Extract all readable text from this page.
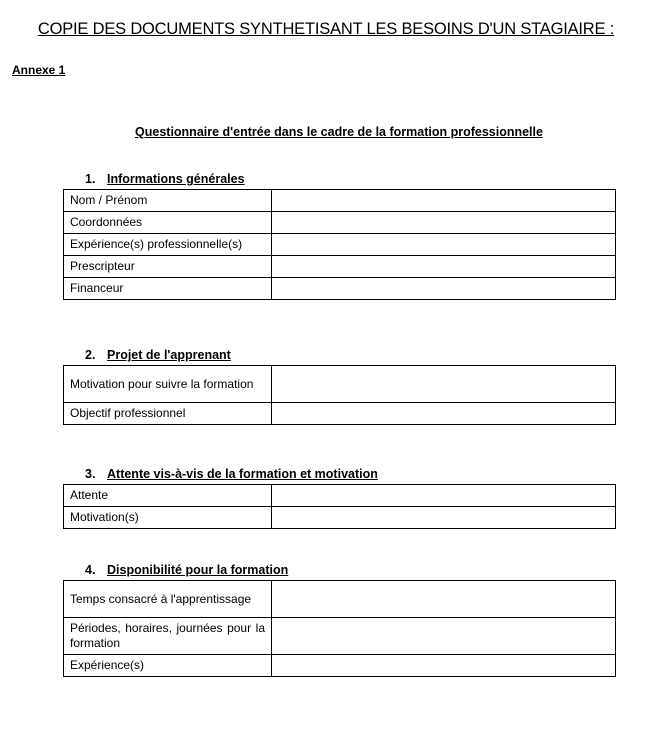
COPIE DES DOCUMENTS SYNTHETISANT LES BESOINS D'UN STAGIAIRE :
Annexe 1
Questionnaire d'entrée dans le cadre de la formation professionnelle
1. Informations générales
Nom / Prénom	
Coordonnées	
Expérience(s) professionnelle(s)	
Prescripteur	
Financeur	
2. Projet de l'apprenant
Motivation pour suivre la formation	
Objectif professionnel	
3. Attente vis-à-vis de la formation et motivation
Attente	
Motivation(s)	
4. Disponibilité pour la formation
Temps consacré à l'apprentissage	
Périodes, horaires, journées pour la formation	
Expérience(s)	
